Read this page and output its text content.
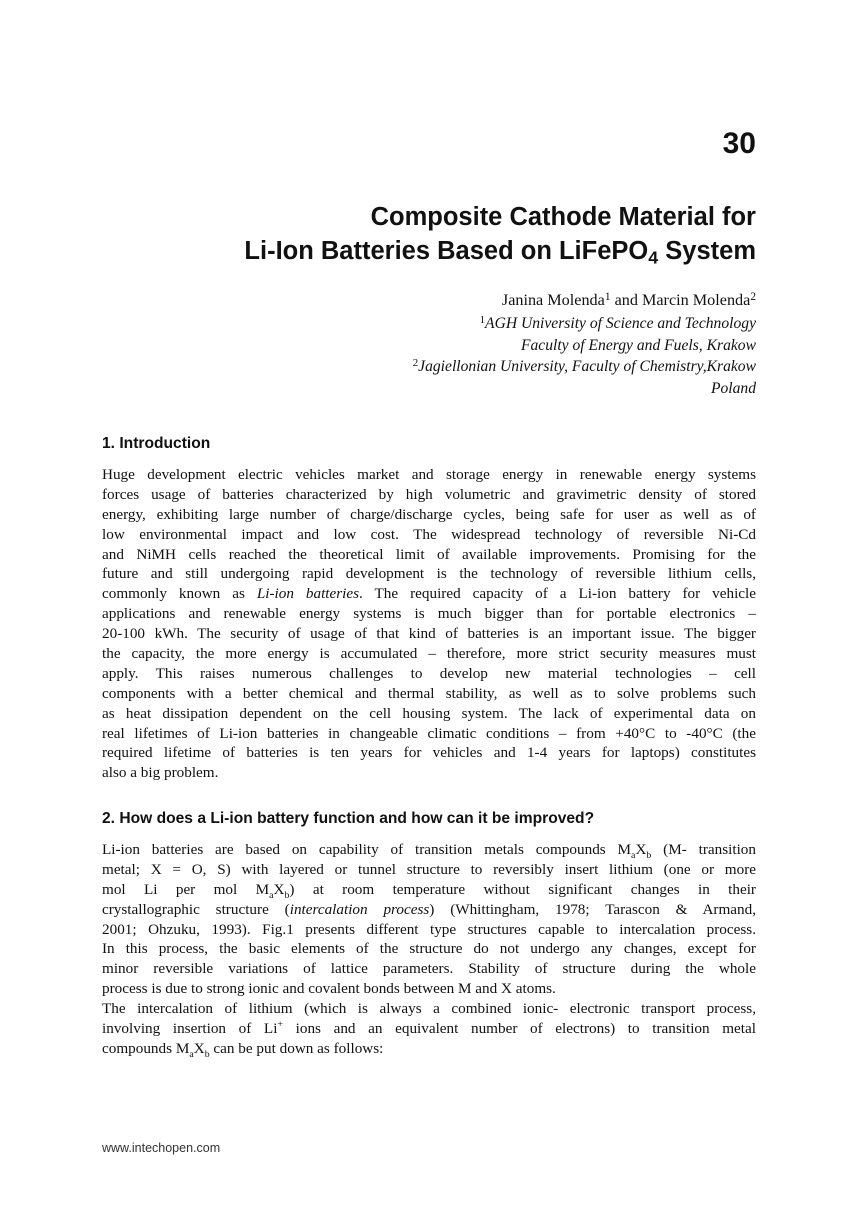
30
Composite Cathode Material for
Li-Ion Batteries Based on LiFePO$_4$ System
Janina Molenda$^1$ and Marcin Molenda$^2$
$^1$AGH University of Science and Technology
Faculty of Energy and Fuels, Krakow
$^2$Jagiellonian University, Faculty of Chemistry,Krakow
Poland
1. Introduction
Huge development electric vehicles market and storage energy in renewable energy systems
forces usage of batteries characterized by high volumetric and gravimetric density of stored
energy, exhibiting large number of charge/discharge cycles, being safe for user as well as of
low environmental impact and low cost. The widespread technology of reversible Ni-Cd
and NiMH cells reached the theoretical limit of available improvements. Promising for the
future and still undergoing rapid development is the technology of reversible lithium cells,
commonly known as Li-ion batteries. The required capacity of a Li-ion battery for vehicle
applications and renewable energy systems is much bigger than for portable electronics –
20-100 kWh. The security of usage of that kind of batteries is an important issue. The bigger
the capacity, the more energy is accumulated – therefore, more strict security measures must
apply. This raises numerous challenges to develop new material technologies – cell
components with a better chemical and thermal stability, as well as to solve problems such
as heat dissipation dependent on the cell housing system. The lack of experimental data on
real lifetimes of Li-ion batteries in changeable climatic conditions – from +40°C to -40°C (the
required lifetime of batteries is ten years for vehicles and 1-4 years for laptops) constitutes
also a big problem.
2. How does a Li-ion battery function and how can it be improved?
Li-ion batteries are based on capability of transition metals compounds $M_aX_b$ (M- transition
metal; X = O, S) with layered or tunnel structure to reversibly insert lithium (one or more
mol Li per mol $M_aX_b$) at room temperature without significant changes in their
crystallographic structure (intercalation process) (Whittingham, 1978; Tarascon & Armand,
2001; Ohzuku, 1993). Fig.1 presents different type structures capable to intercalation process.
In this process, the basic elements of the structure do not undergo any changes, except for
minor reversible variations of lattice parameters. Stability of structure during the whole
process is due to strong ionic and covalent bonds between M and X atoms.
The intercalation of lithium (which is always a combined ionic- electronic transport process,
involving insertion of Li+ ions and an equivalent number of electrons) to transition metal
compounds $M_aX_b$ can be put down as follows:
www.intechopen.com
